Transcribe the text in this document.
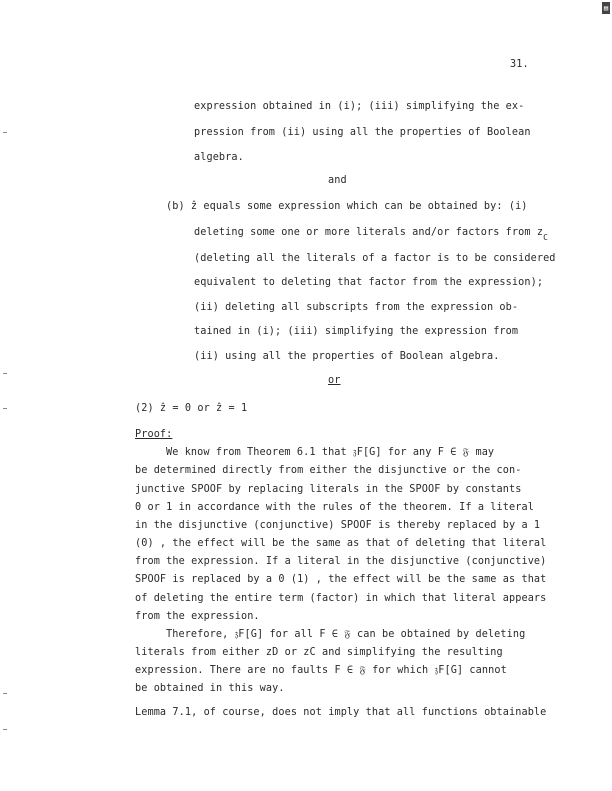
▤
31.
expression obtained in (i); (iii) simplifying the ex-
pression from (ii) using all the properties of Boolean
algebra.
and
(b) ẑ equals some expression which can be obtained by: (i)
deleting some one or more literals and/or factors from $z_C$
(deleting all the literals of a factor is to be considered
equivalent to deleting that factor from the expression);
(ii) deleting all subscripts from the expression ob-
tained in (i); (iii) simplifying the expression from
(ii) using all the properties of Boolean algebra.
or
(2) ẑ = 0 or ẑ = 1
Proof:
We know from Theorem 6.1 that 𝔷F[G] for any F ∈ 𝔉 may
be determined directly from either the disjunctive or the con-
junctive SPOOF by replacing literals in the SPOOF by constants
0 or 1 in accordance with the rules of the theorem. If a literal
in the disjunctive (conjunctive) SPOOF is thereby replaced by a 1
(0) , the effect will be the same as that of deleting that literal
from the expression. If a literal in the disjunctive (conjunctive)
SPOOF is replaced by a 0 (1) , the effect will be the same as that
of deleting the entire term (factor) in which that literal appears
from the expression.
Therefore, 𝔷F[G] for all F ∈ 𝔉 can be obtained by deleting
literals from either zD or zC and simplifying the resulting
expression. There are no faults F ∈ 𝔉 for which 𝔷F[G] cannot
be obtained in this way.
Lemma 7.1, of course, does not imply that all functions obtainable
